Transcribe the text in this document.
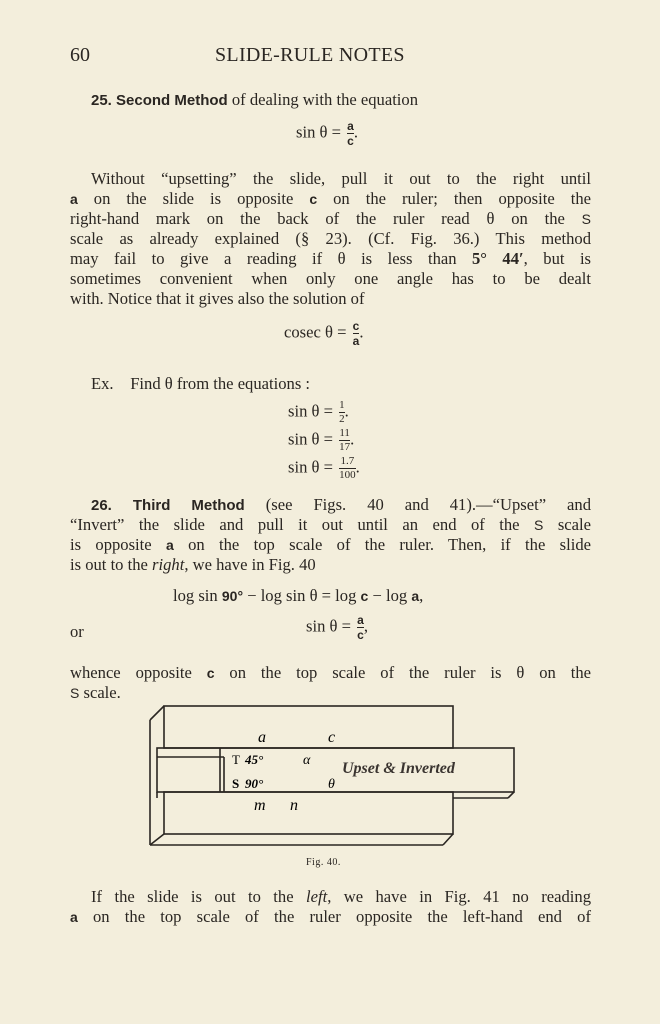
60	SLIDE-RULE NOTES
25. Second Method of dealing with the equation
$\sin \theta = \frac{a}{c}$ .
Without “upsetting” the slide, pull it out to the right until
a on the slide is opposite c on the ruler; then opposite the
right-hand mark on the back of the ruler read θ on the S
scale as already explained (§ 23). (Cf. Fig. 36.) This method
may fail to give a reading if θ is less than 5° 44′, but is
sometimes convenient when only one angle has to be dealt
with. Notice that it gives also the solution of
cosec $\theta = \frac{c}{a}$ .
Ex. Find θ from the equations :
$\sin \theta = \frac{1}{2}$ .
$\sin \theta = \frac{11}{17}$ .
$\sin \theta = \frac{1.7}{100}$ .
26. Third Method (see Figs. 40 and 41).—“Upset” and
“Invert” the slide and pull it out until an end of the S scale
is opposite a on the top scale of the ruler. Then, if the slide
is out to the right, we have in Fig. 40
log sin 90° − log sin θ = log c − log a,
or	$\sin \theta = \frac{a}{c}$ ,
whence opposite c on the top scale of the ruler is θ on the
S scale.
a	c
T 45°	α
S 90°	θ
Upset & Inverted
m n
Fig. 40.
If the slide is out to the left, we have in Fig. 41 no reading
a on the top scale of the ruler opposite the left-hand end of
